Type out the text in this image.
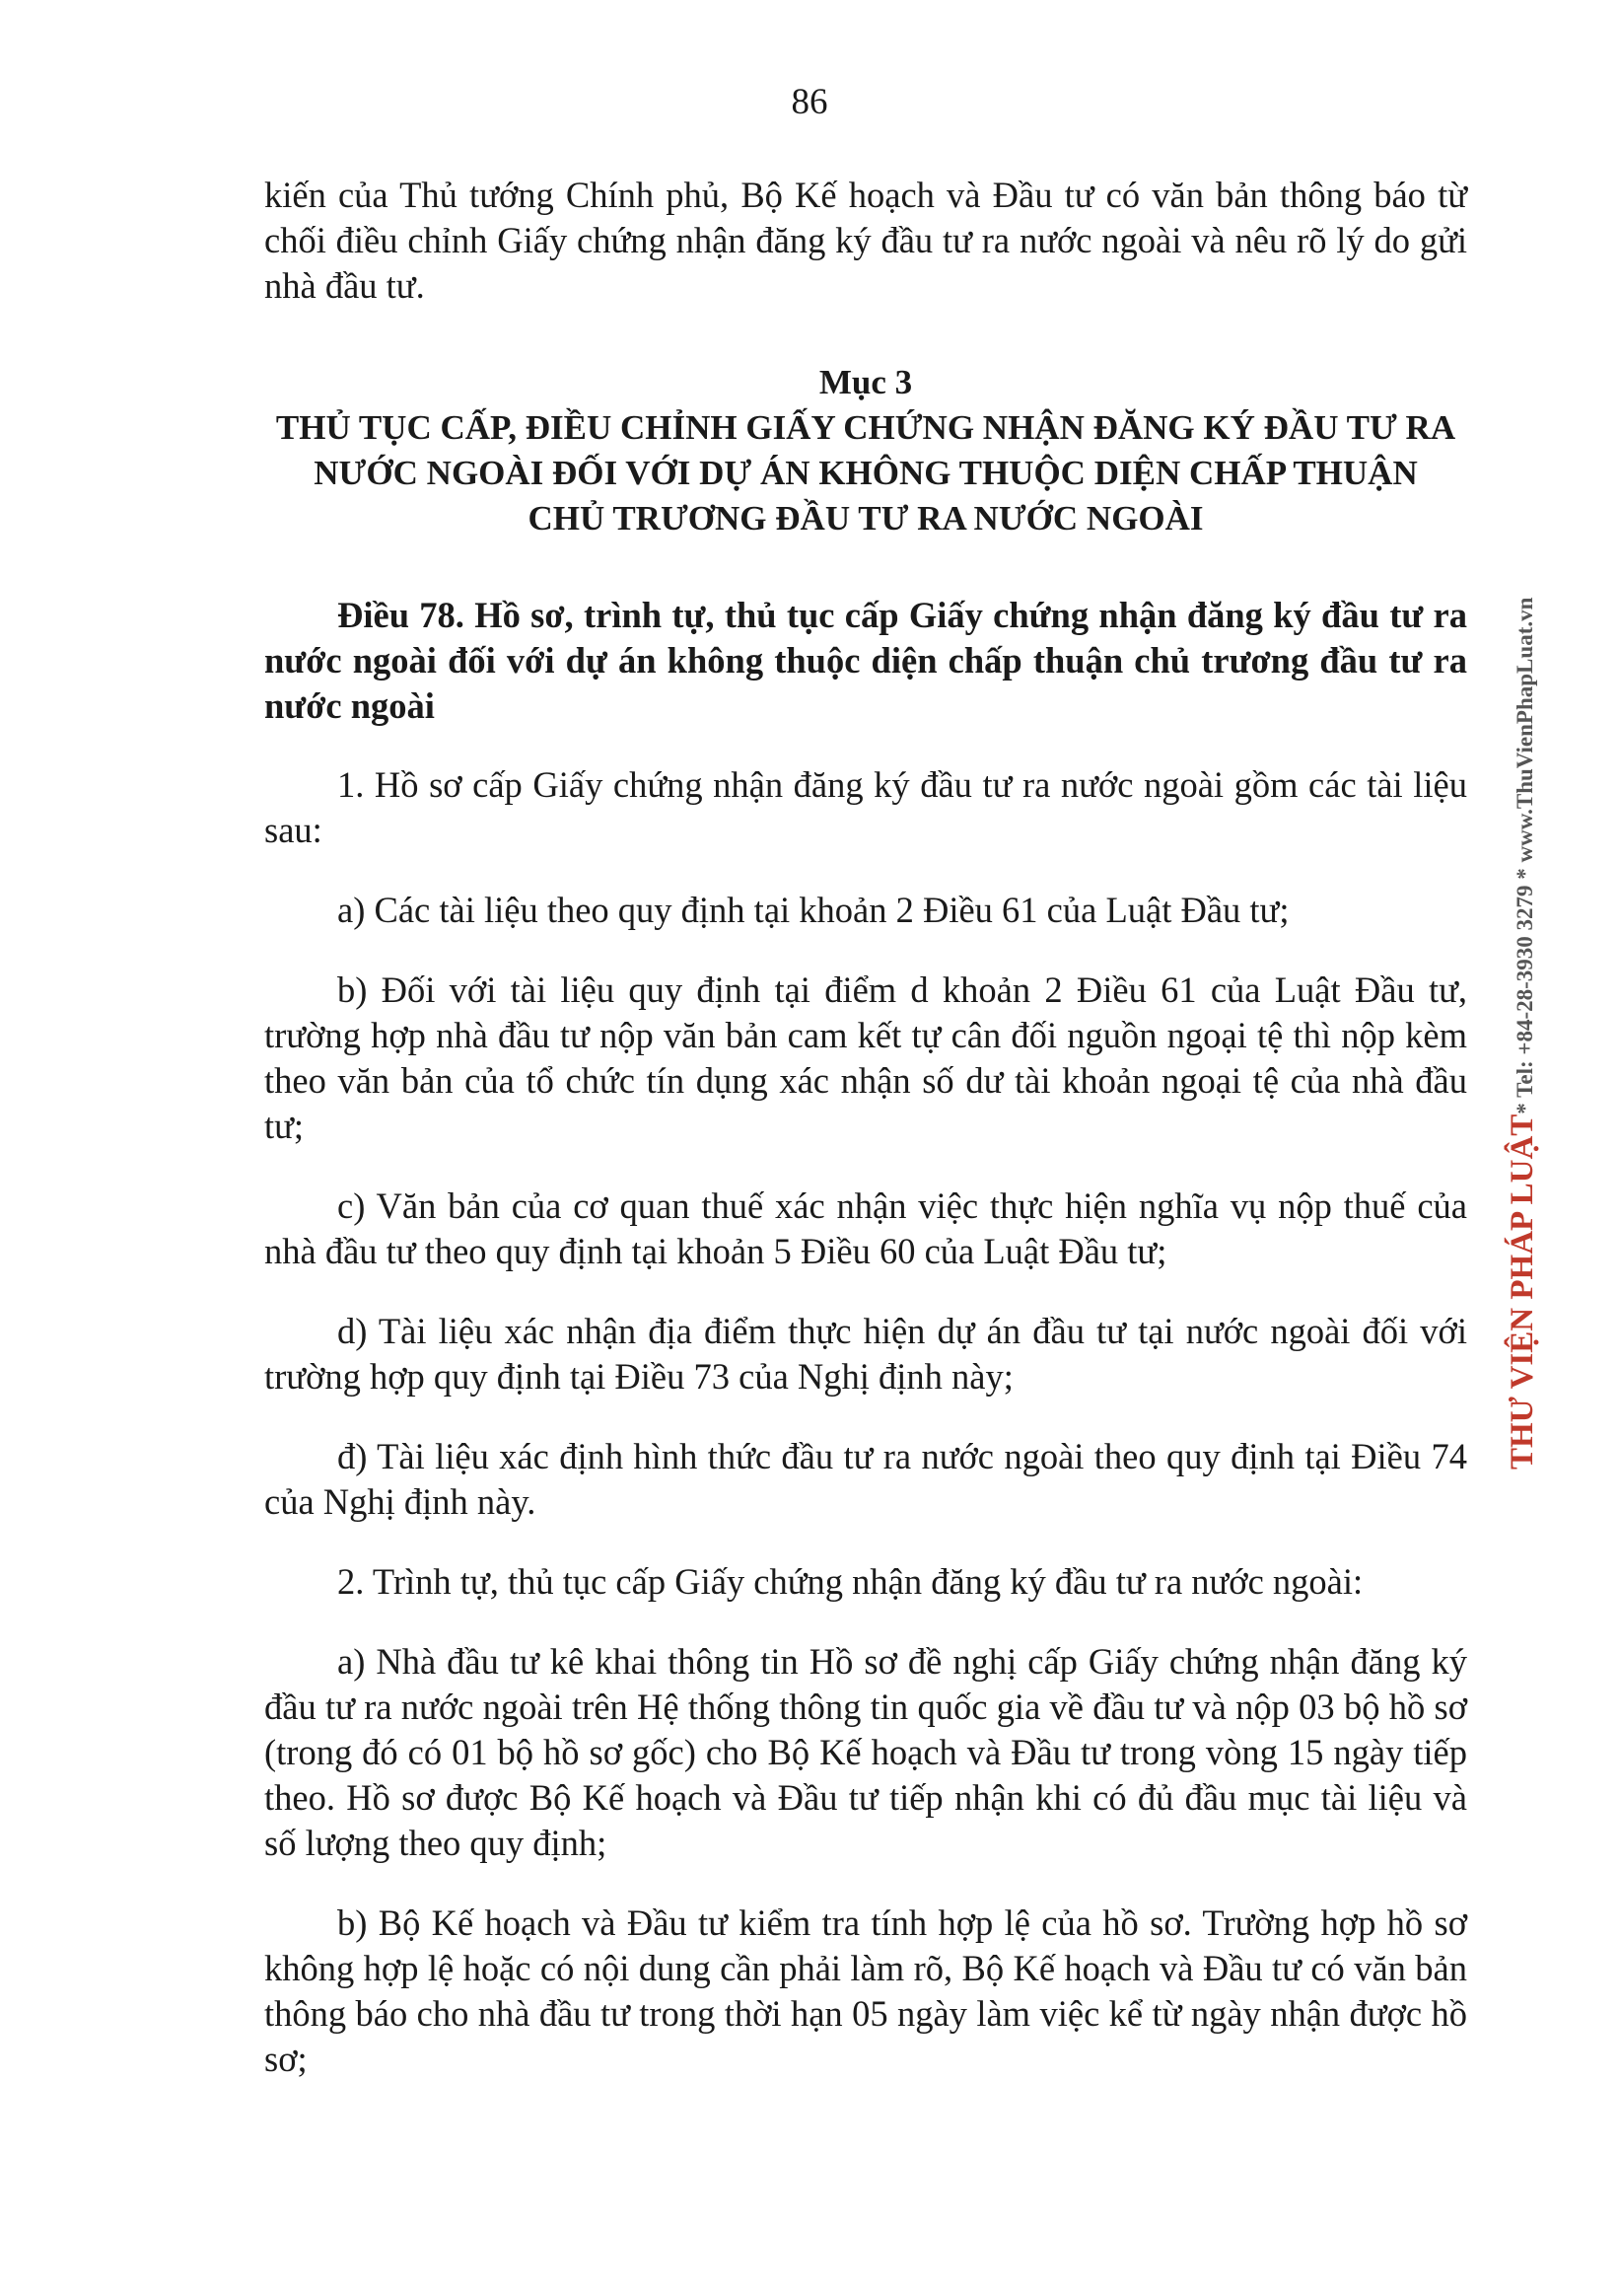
86

kiến của Thủ tướng Chính phủ, Bộ Kế hoạch và Đầu tư có văn bản thông báo từ chối điều chỉnh Giấy chứng nhận đăng ký đầu tư ra nước ngoài và nêu rõ lý do gửi nhà đầu tư.

Mục 3

THỦ TỤC CẤP, ĐIỀU CHỈNH GIẤY CHỨNG NHẬN ĐĂNG KÝ ĐẦU TƯ RA NƯỚC NGOÀI ĐỐI VỚI DỰ ÁN KHÔNG THUỘC DIỆN CHẤP THUẬN CHỦ TRƯƠNG ĐẦU TƯ RA NƯỚC NGOÀI

Điều 78. Hồ sơ, trình tự, thủ tục cấp Giấy chứng nhận đăng ký đầu tư ra nước ngoài đối với dự án không thuộc diện chấp thuận chủ trương đầu tư ra nước ngoài

1. Hồ sơ cấp Giấy chứng nhận đăng ký đầu tư ra nước ngoài gồm các tài liệu sau:

a) Các tài liệu theo quy định tại khoản 2 Điều 61 của Luật Đầu tư;

b) Đối với tài liệu quy định tại điểm d khoản 2 Điều 61 của Luật Đầu tư, trường hợp nhà đầu tư nộp văn bản cam kết tự cân đối nguồn ngoại tệ thì nộp kèm theo văn bản của tổ chức tín dụng xác nhận số dư tài khoản ngoại tệ của nhà đầu tư;

c) Văn bản của cơ quan thuế xác nhận việc thực hiện nghĩa vụ nộp thuế của nhà đầu tư theo quy định tại khoản 5 Điều 60 của Luật Đầu tư;

d) Tài liệu xác nhận địa điểm thực hiện dự án đầu tư tại nước ngoài đối với trường hợp quy định tại Điều 73 của Nghị định này;

đ) Tài liệu xác định hình thức đầu tư ra nước ngoài theo quy định tại Điều 74 của Nghị định này.

2. Trình tự, thủ tục cấp Giấy chứng nhận đăng ký đầu tư ra nước ngoài:

a) Nhà đầu tư kê khai thông tin Hồ sơ đề nghị cấp Giấy chứng nhận đăng ký đầu tư ra nước ngoài trên Hệ thống thông tin quốc gia về đầu tư và nộp 03 bộ hồ sơ (trong đó có 01 bộ hồ sơ gốc) cho Bộ Kế hoạch và Đầu tư trong vòng 15 ngày tiếp theo. Hồ sơ được Bộ Kế hoạch và Đầu tư tiếp nhận khi có đủ đầu mục tài liệu và số lượng theo quy định;

b) Bộ Kế hoạch và Đầu tư kiểm tra tính hợp lệ của hồ sơ. Trường hợp hồ sơ không hợp lệ hoặc có nội dung cần phải làm rõ, Bộ Kế hoạch và Đầu tư có văn bản thông báo cho nhà đầu tư trong thời hạn 05 ngày làm việc kể từ ngày nhận được hồ sơ;

THƯ VIỆN PHÁP LUẬT* Tel: +84-28-3930 3279 * www.ThuVienPhapLuat.vn
